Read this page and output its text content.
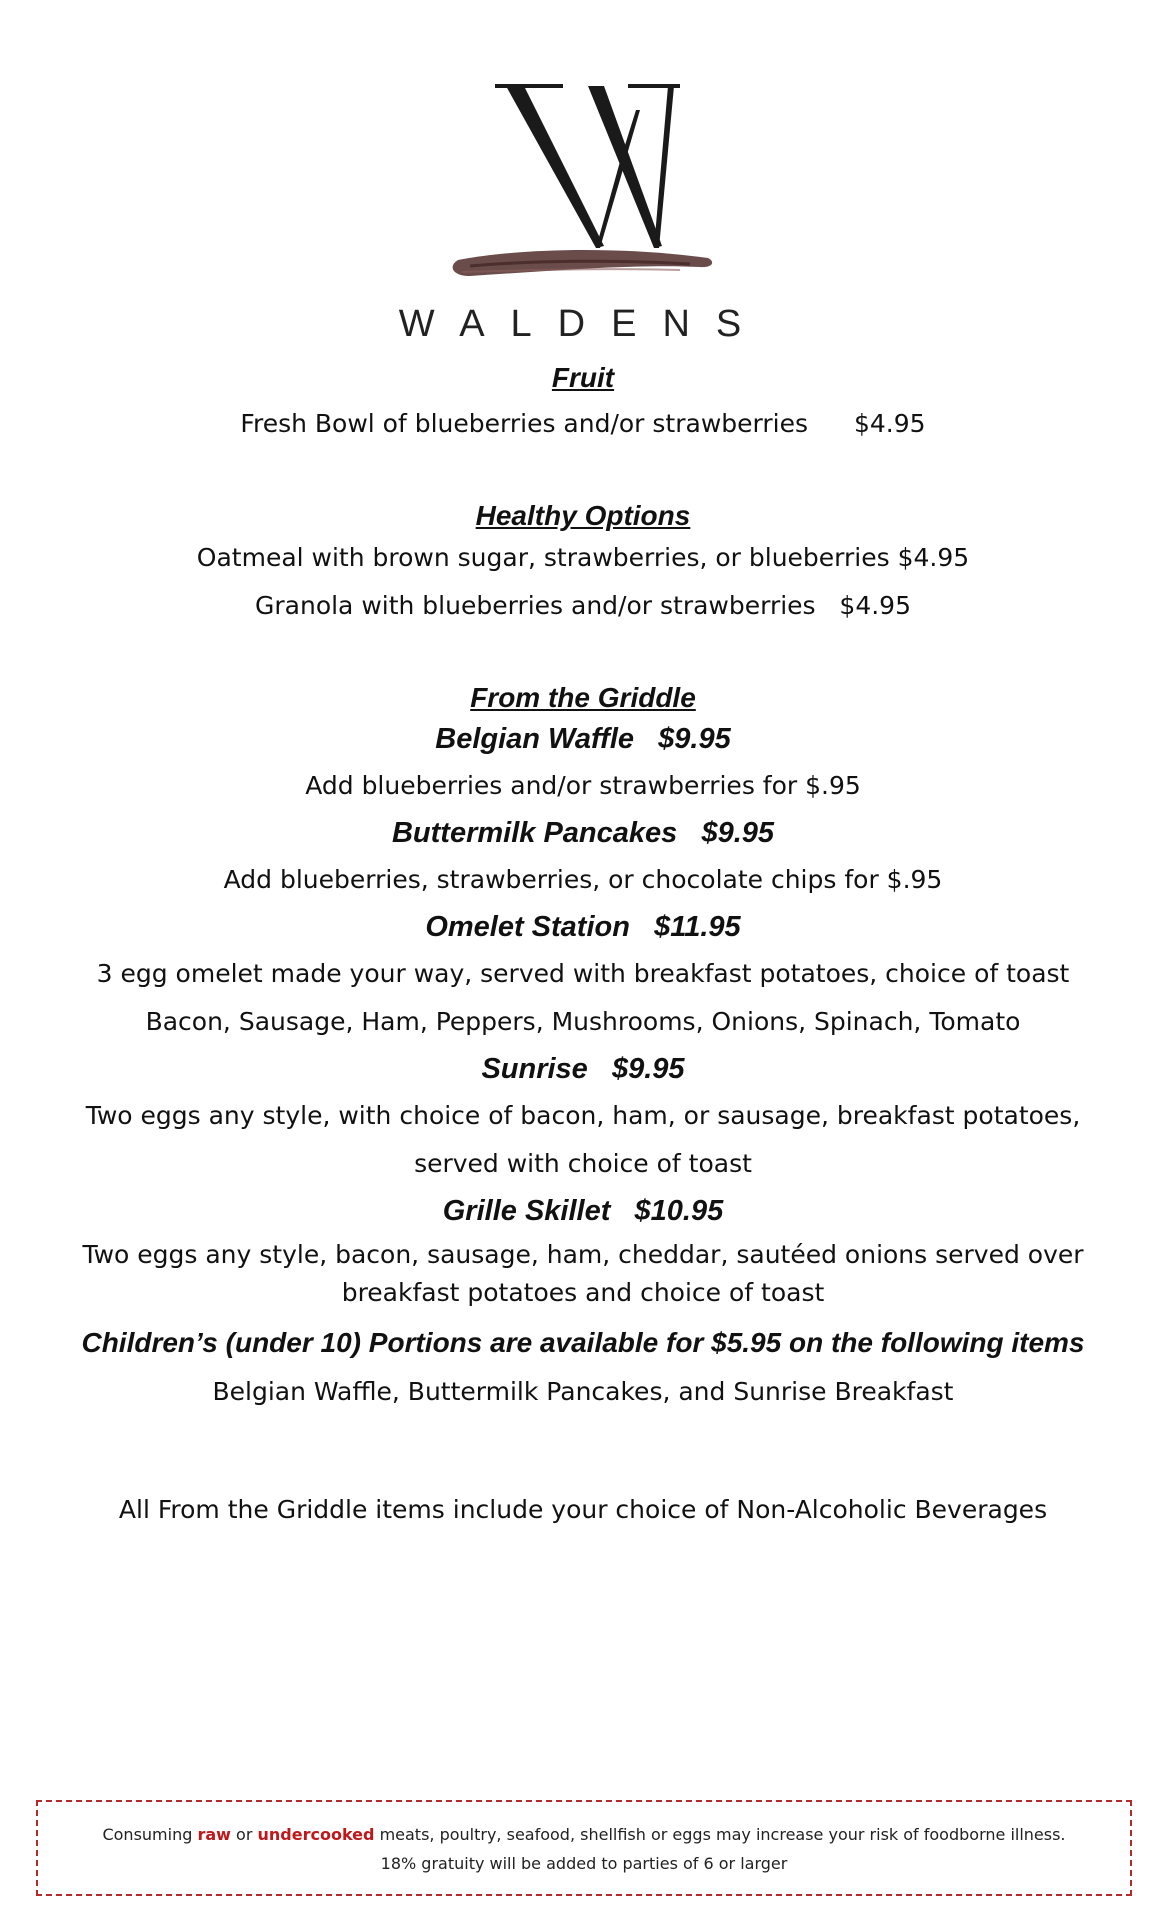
WALDENS

Fruit

Fresh Bowl of blueberries and/or strawberries $4.95

Healthy Options

Oatmeal with brown sugar, strawberries, or blueberries $4.95

Granola with blueberries and/or strawberries   $4.95

From the Griddle

Belgian Waffle   $9.95

Add blueberries and/or strawberries for $.95

Buttermilk Pancakes   $9.95

Add blueberries, strawberries, or chocolate chips for $.95

Omelet Station   $11.95

3 egg omelet made your way, served with breakfast potatoes, choice of toast

Bacon, Sausage, Ham, Peppers, Mushrooms, Onions, Spinach, Tomato

Sunrise   $9.95

Two eggs any style, with choice of bacon, ham, or sausage, breakfast potatoes,

served with choice of toast

Grille Skillet   $10.95

Two eggs any style, bacon, sausage, ham, cheddar, sautéed onions served over

breakfast potatoes and choice of toast

Children’s (under 10) Portions are available for $5.95 on the following items

Belgian Waffle, Buttermilk Pancakes, and Sunrise Breakfast

All From the Griddle items include your choice of Non-Alcoholic Beverages

Consuming raw or undercooked meats, poultry, seafood, shellfish or eggs may increase your risk of foodborne illness.
18% gratuity will be added to parties of 6 or larger
